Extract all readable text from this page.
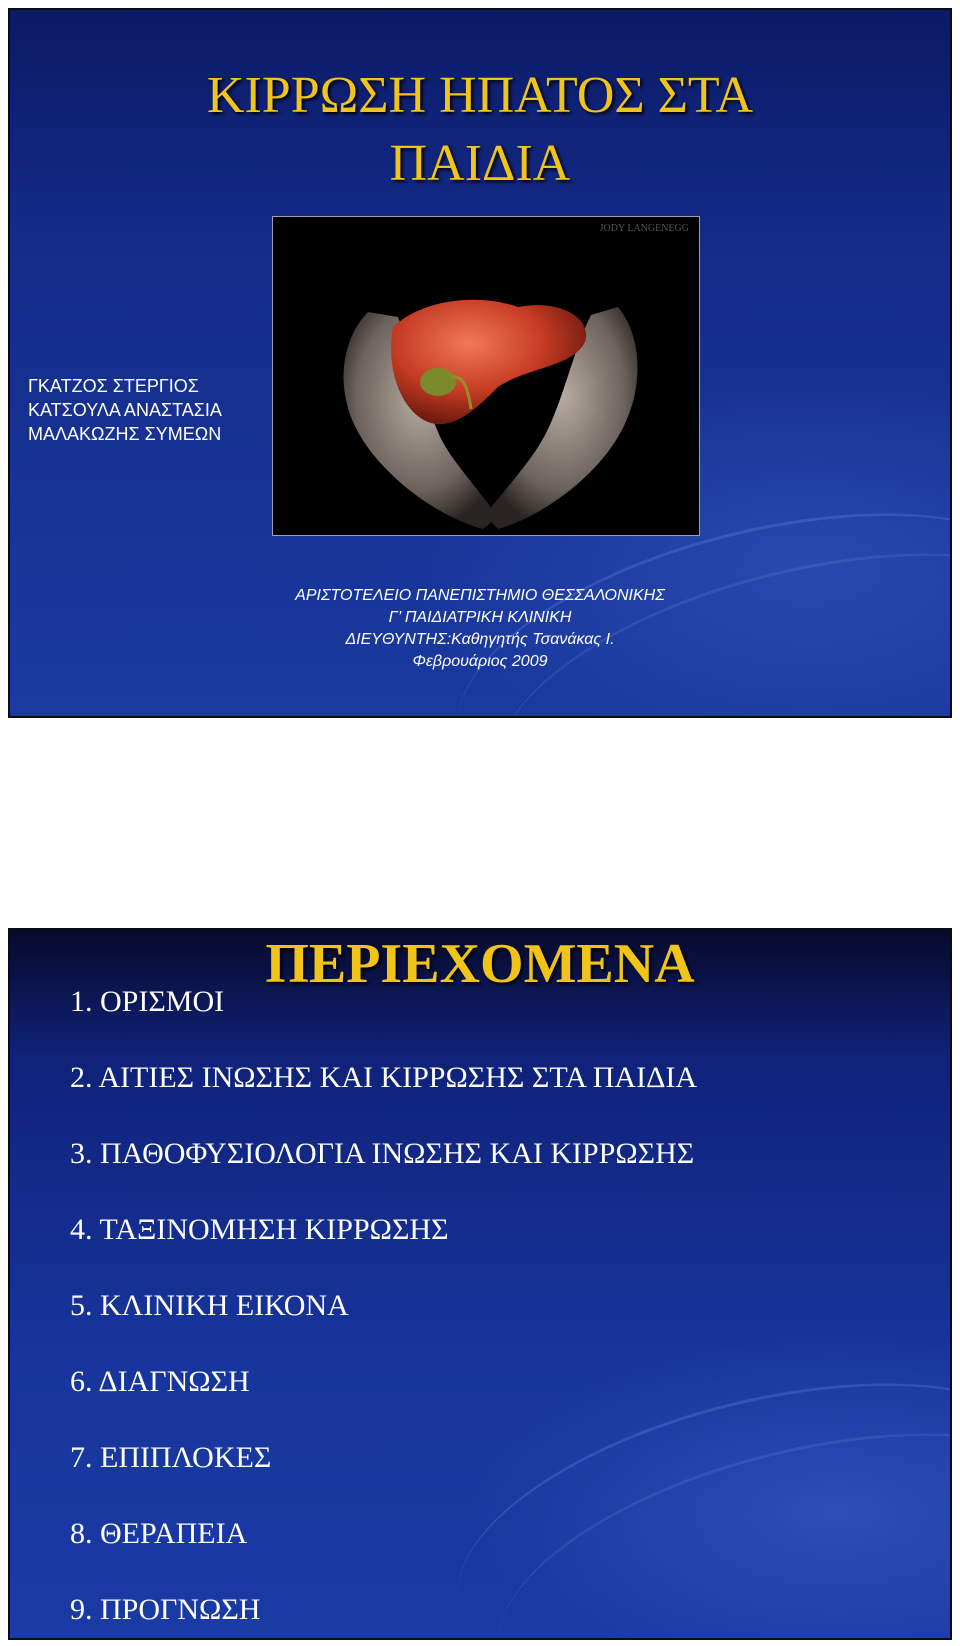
ΚΙΡΡΩΣΗ ΗΠΑΤΟΣ ΣΤΑ
ΠΑΙΔΙΑ
JODY LANGENEGG
ΓΚΑΤΖΟΣ ΣΤΕΡΓΙΟΣ
ΚΑΤΣΟΥΛΑ ΑΝΑΣΤΑΣΙΑ
ΜΑΛΑΚΩΖΗΣ ΣΥΜΕΩΝ
ΑΡΙΣΤΟΤΕΛΕΙΟ ΠΑΝΕΠΙΣΤΗΜΙΟ ΘΕΣΣΑΛΟΝΙΚΗΣ
Γ’ ΠΑΙΔΙΑΤΡΙΚΗ ΚΛΙΝΙΚΗ
ΔΙΕΥΘΥΝΤΗΣ:Καθηγητής Τσανάκας Ι.
Φεβρουάριος 2009
ΠΕΡΙΕΧΟΜΕΝΑ
1. ΟΡΙΣΜΟΙ
2. ΑΙΤΙΕΣ ΙΝΩΣΗΣ ΚΑΙ ΚΙΡΡΩΣΗΣ ΣΤΑ ΠΑΙΔΙΑ
3. ΠΑΘΟΦΥΣΙΟΛΟΓΙΑ ΙΝΩΣΗΣ ΚΑΙ ΚΙΡΡΩΣΗΣ
4. ΤΑΞΙΝΟΜΗΣΗ ΚΙΡΡΩΣΗΣ
5. ΚΛΙΝΙΚΗ ΕΙΚΟΝΑ
6. ΔΙΑΓΝΩΣΗ
7. ΕΠΙΠΛΟΚΕΣ
8. ΘΕΡΑΠΕΙΑ
9. ΠΡΟΓΝΩΣΗ
